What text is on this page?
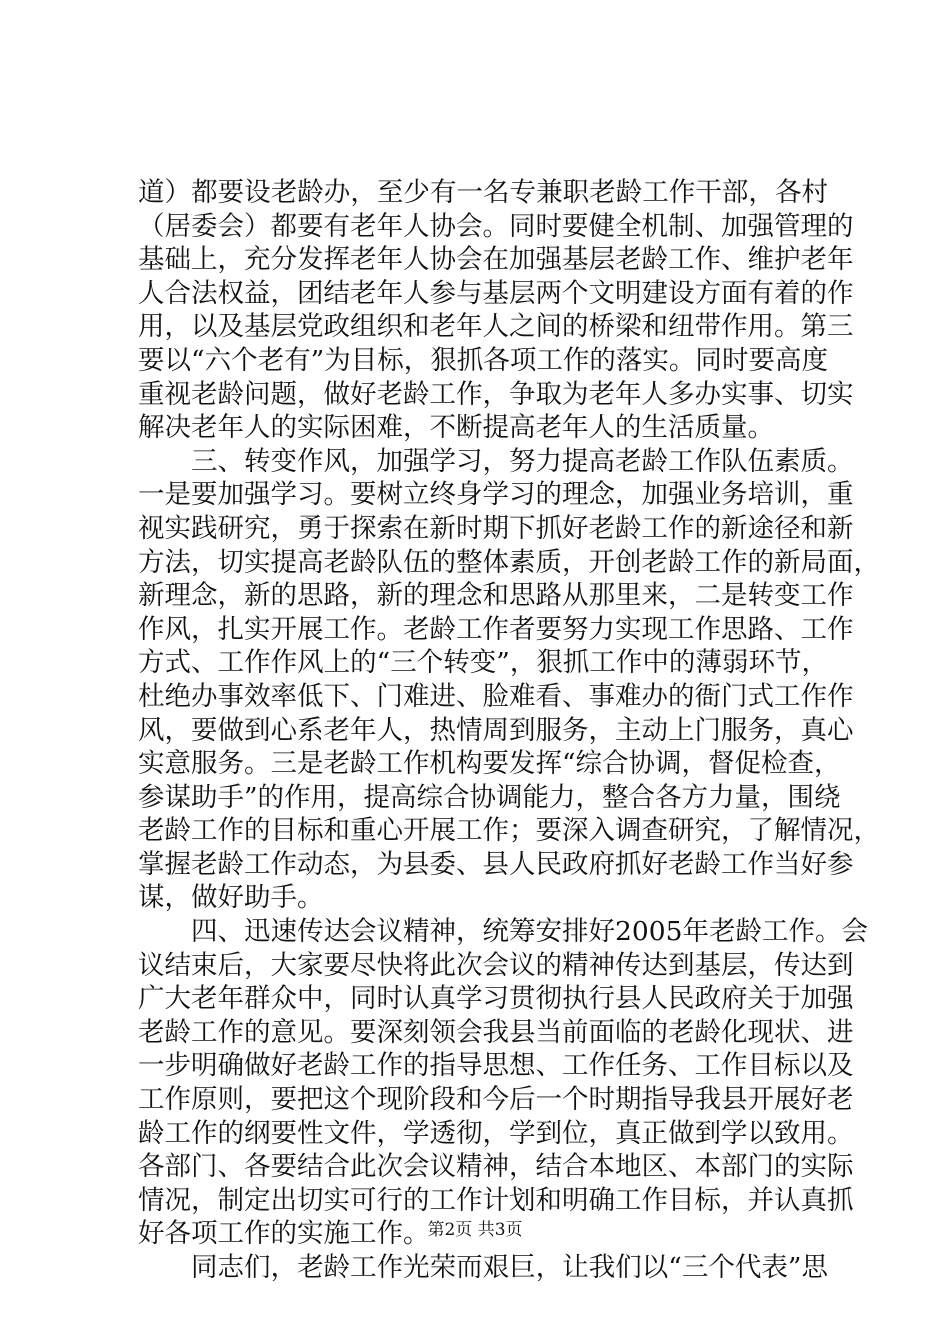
道）都要设老龄办，至少有一名专兼职老龄工作干部，各村
（居委会）都要有老年人协会。同时要健全机制、加强管理的
基础上，充分发挥老年人协会在加强基层老龄工作、维护老年
人合法权益，团结老年人参与基层两个文明建设方面有着的作
用，以及基层党政组织和老年人之间的桥梁和纽带作用。第三
要以“六个老有”为目标，狠抓各项工作的落实。同时要高度
重视老龄问题，做好老龄工作，争取为老年人多办实事、切实
解决老年人的实际困难，不断提高老年人的生活质量。
　　三、转变作风，加强学习，努力提高老龄工作队伍素质。
一是要加强学习。要树立终身学习的理念，加强业务培训，重
视实践研究，勇于探索在新时期下抓好老龄工作的新途径和新
方法，切实提高老龄队伍的整体素质，开创老龄工作的新局面，
新理念，新的思路，新的理念和思路从那里来，二是转变工作
作风，扎实开展工作。老龄工作者要努力实现工作思路、工作
方式、工作作风上的“三个转变”，狠抓工作中的薄弱环节，
杜绝办事效率低下、门难进、脸难看、事难办的衙门式工作作
风，要做到心系老年人，热情周到服务，主动上门服务，真心
实意服务。三是老龄工作机构要发挥“综合协调，督促检查，
参谋助手”的作用，提高综合协调能力，整合各方力量，围绕
老龄工作的目标和重心开展工作；要深入调查研究，了解情况，
掌握老龄工作动态，为县委、县人民政府抓好老龄工作当好参
谋，做好助手。
　　四、迅速传达会议精神，统筹安排好2005年老龄工作。会
议结束后，大家要尽快将此次会议的精神传达到基层，传达到
广大老年群众中，同时认真学习贯彻执行县人民政府关于加强
老龄工作的意见。要深刻领会我县当前面临的老龄化现状、进
一步明确做好老龄工作的指导思想、工作任务、工作目标以及
工作原则，要把这个现阶段和今后一个时期指导我县开展好老
龄工作的纲要性文件，学透彻，学到位，真正做到学以致用。
各部门、各要结合此次会议精神，结合本地区、本部门的实际
情况，制定出切实可行的工作计划和明确工作目标，并认真抓
好各项工作的实施工作。
　　同志们，老龄工作光荣而艰巨，让我们以“三个代表”思
第2页 共3页
